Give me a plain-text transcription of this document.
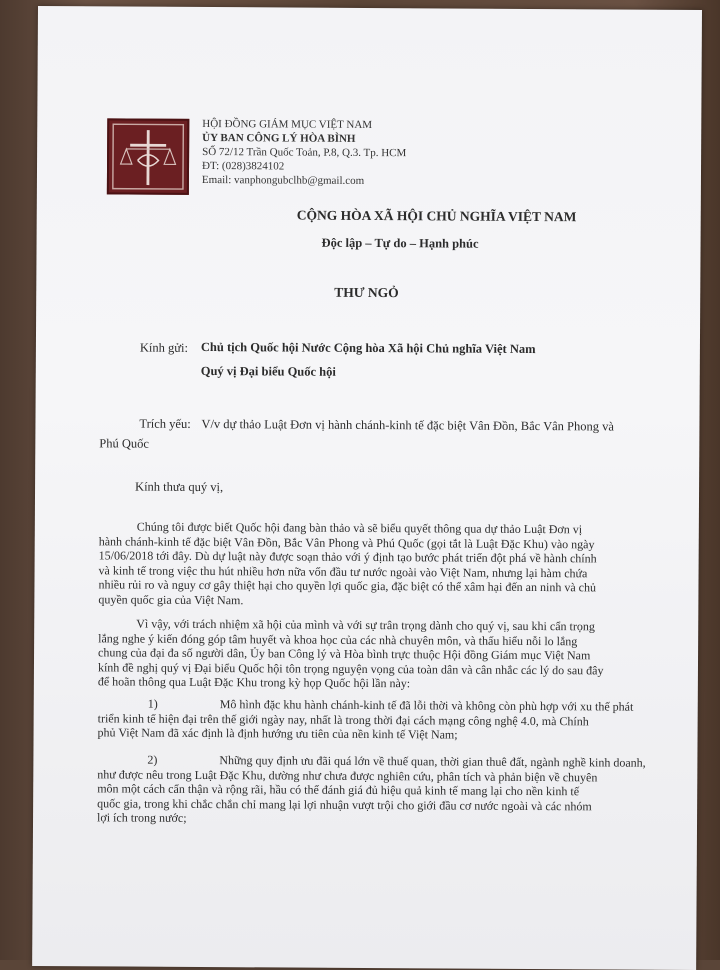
HỘI ĐỒNG GIÁM MỤC VIỆT NAM
ỦY BAN CÔNG LÝ HÒA BÌNH
SỐ 72/12 Trần Quốc Toản, P.8, Q.3. Tp. HCM
ĐT: (028)3824102
Email: vanphongubclhb@gmail.com
CỘNG HÒA XÃ HỘI CHỦ NGHĨA VIỆT NAM
Độc lập – Tự do – Hạnh phúc
THƯ NGỎ
Kính gửi: Chủ tịch Quốc hội Nước Cộng hòa Xã hội Chủ nghĩa Việt Nam
Quý vị Đại biểu Quốc hội
Trích yếu: V/v dự thảo Luật Đơn vị hành chánh-kinh tế đặc biệt Vân Đồn, Bắc Vân Phong và
Phú Quốc
Kính thưa quý vị,
Chúng tôi được biết Quốc hội đang bàn thảo và sẽ biểu quyết thông qua dự thảo Luật Đơn vị
hành chánh-kinh tế đặc biệt Vân Đồn, Bắc Vân Phong và Phú Quốc (gọi tắt là Luật Đặc Khu) vào ngày
15/06/2018 tới đây. Dù dự luật này được soạn thảo với ý định tạo bước phát triển đột phá về hành chính
và kinh tế trong việc thu hút nhiều hơn nữa vốn đầu tư nước ngoài vào Việt Nam, nhưng lại hàm chứa
nhiều rủi ro và nguy cơ gây thiệt hại cho quyền lợi quốc gia, đặc biệt có thể xâm hại đến an ninh và chủ
quyền quốc gia của Việt Nam.
Vì vậy, với trách nhiệm xã hội của mình và với sự trân trọng dành cho quý vị, sau khi cẩn trọng
lắng nghe ý kiến đóng góp tâm huyết và khoa học của các nhà chuyên môn, và thấu hiểu nỗi lo lắng
chung của đại đa số người dân, Ủy ban Công lý và Hòa bình trực thuộc Hội đồng Giám mục Việt Nam
kính đề nghị quý vị Đại biểu Quốc hội tôn trọng nguyện vọng của toàn dân và cân nhắc các lý do sau đây
để hoãn thông qua Luật Đặc Khu trong kỳ họp Quốc hội lần này:
1)	Mô hình đặc khu hành chánh-kinh tế đã lỗi thời và không còn phù hợp với xu thế phát
triển kinh tế hiện đại trên thế giới ngày nay, nhất là trong thời đại cách mạng công nghệ 4.0, mà Chính
phủ Việt Nam đã xác định là định hướng ưu tiên của nền kinh tế Việt Nam;
2)	Những quy định ưu đãi quá lớn về thuế quan, thời gian thuê đất, ngành nghề kinh doanh,
như được nêu trong Luật Đặc Khu, dường như chưa được nghiên cứu, phân tích và phản biện về chuyên
môn một cách cẩn thận và rộng rãi, hầu có thể đánh giá đủ hiệu quả kinh tế mang lại cho nền kinh tế
quốc gia, trong khi chắc chắn chỉ mang lại lợi nhuận vượt trội cho giới đầu cơ nước ngoài và các nhóm
lợi ích trong nước;
